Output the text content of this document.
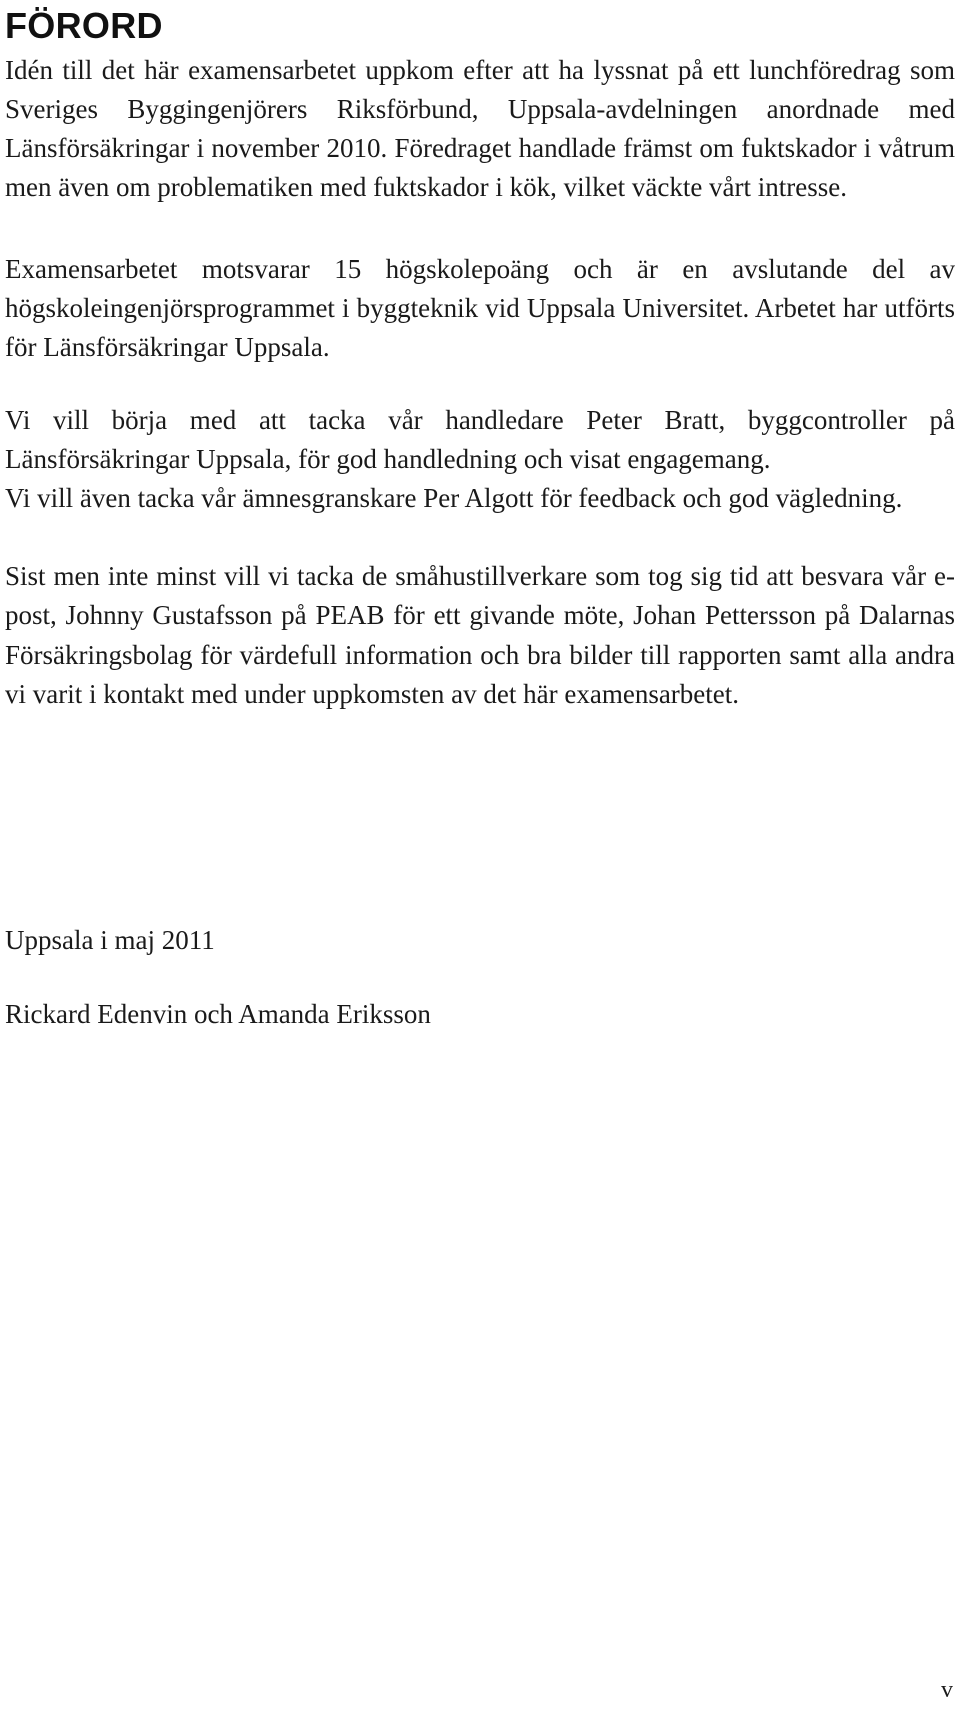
FÖRORD

Idén till det här examensarbetet uppkom efter att ha lyssnat på ett lunchföredrag som Sveriges Byggingenjörers Riksförbund, Uppsala-avdelningen anordnade med Länsförsäkringar i november 2010. Föredraget handlade främst om fuktskador i våtrum men även om problematiken med fuktskador i kök, vilket väckte vårt intresse.

Examensarbetet motsvarar 15 högskolepoäng och är en avslutande del av högskoleingenjörsprogrammet i byggteknik vid Uppsala Universitet. Arbetet har utförts för Länsförsäkringar Uppsala.

Vi vill börja med att tacka vår handledare Peter Bratt, byggcontroller på Länsförsäkringar Uppsala, för god handledning och visat engagemang.

Vi vill även tacka vår ämnesgranskare Per Algott för feedback och god vägledning.

Sist men inte minst vill vi tacka de småhustillverkare som tog sig tid att besvara vår e-post, Johnny Gustafsson på PEAB för ett givande möte, Johan Pettersson på Dalarnas Försäkringsbolag för värdefull information och bra bilder till rapporten samt alla andra vi varit i kontakt med under uppkomsten av det här examensarbetet.

Uppsala i maj 2011

Rickard Edenvin och Amanda Eriksson

v
